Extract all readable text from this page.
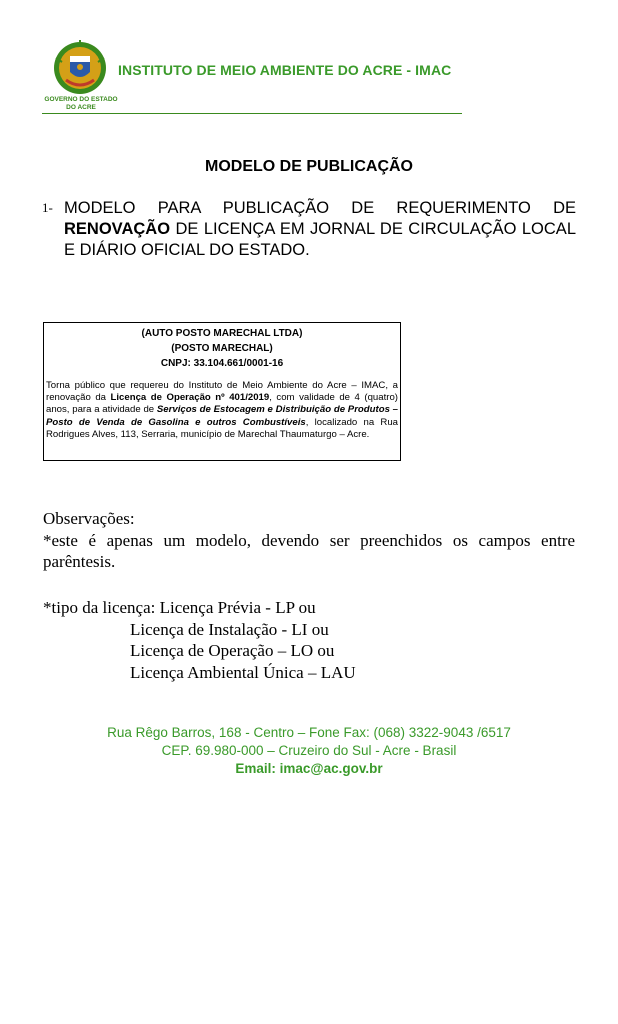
GOVERNO DO ESTADO
DO ACRE
INSTITUTO DE MEIO AMBIENTE DO ACRE - IMAC
MODELO DE PUBLICAÇÃO
1- MODELO PARA PUBLICAÇÃO DE REQUERIMENTO DE RENOVAÇÃO DE LICENÇA EM JORNAL DE CIRCULAÇÃO LOCAL E DIÁRIO OFICIAL DO ESTADO.
(AUTO POSTO MARECHAL LTDA)
(POSTO MARECHAL)
CNPJ: 33.104.661/0001-16
Torna público que requereu do Instituto de Meio Ambiente do Acre – IMAC, a renovação da Licença de Operação nº 401/2019, com validade de 4 (quatro) anos, para a atividade de Serviços de Estocagem e Distribuição de Produtos – Posto de Venda de Gasolina e outros Combustíveis, localizado na Rua Rodrigues Alves, 113, Serraria, município de Marechal Thaumaturgo – Acre.
Observações:
*este é apenas um modelo, devendo ser preenchidos os campos entre parêntesis.
*tipo da licença: Licença Prévia - LP ou
Licença de Instalação - LI ou
Licença de Operação – LO ou
Licença Ambiental Única – LAU
Rua Rêgo Barros, 168 - Centro – Fone Fax: (068) 3322-9043 /6517
CEP. 69.980-000 – Cruzeiro do Sul - Acre - Brasil
Email: imac@ac.gov.br
